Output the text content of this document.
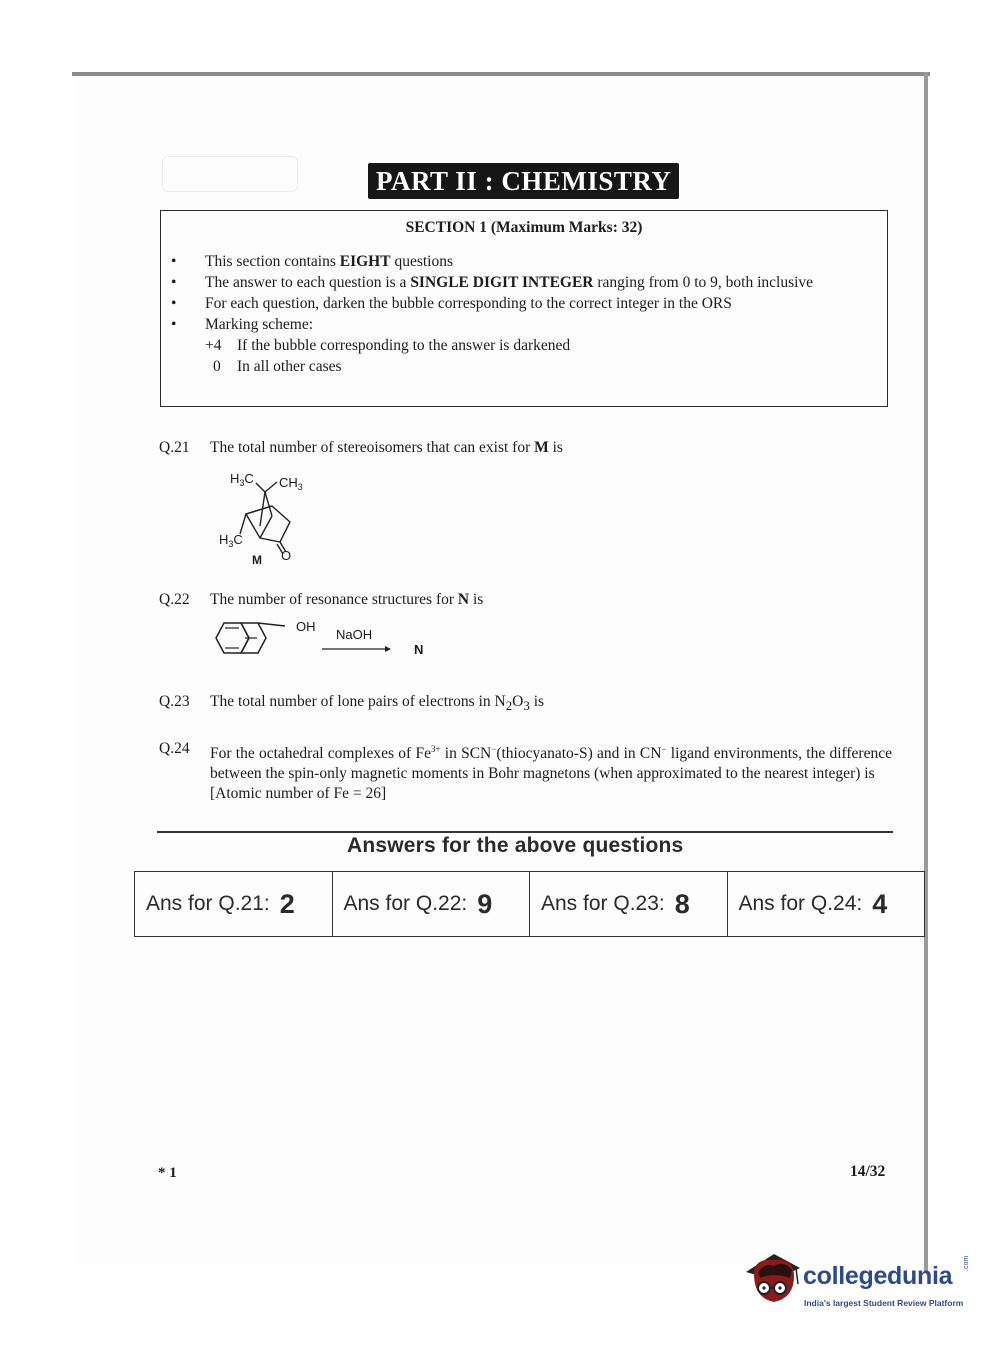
PART II : CHEMISTRY
SECTION 1 (Maximum Marks: 32)
• This section contains EIGHT questions
• The answer to each question is a SINGLE DIGIT INTEGER ranging from 0 to 9, both inclusive
• For each question, darken the bubble corresponding to the correct integer in the ORS
• Marking scheme:
+4 If the bubble corresponding to the answer is darkened
0 In all other cases
Q.21	The total number of stereoisomers that can exist for M is
$H_3C$ $CH_3$
$H_3C$
M O
Q.22	The number of resonance structures for N is
OH
NaOH
N
Q.23	The total number of lone pairs of electrons in $N_2O_3$ is
Q.24	For the octahedral complexes of $Fe^{3+}$ in SCN−(thiocyanato-S) and in CN− ligand environments, the difference between the spin-only magnetic moments in Bohr magnetons (when approximated to the nearest integer) is
[Atomic number of Fe = 26]
Answers for the above questions
Ans for Q.21: 2 Ans for Q.22: 9 Ans for Q.23: 8 Ans for Q.24: 4
* 1	14/32
collegedunia
India's largest Student Review Platform
.com
